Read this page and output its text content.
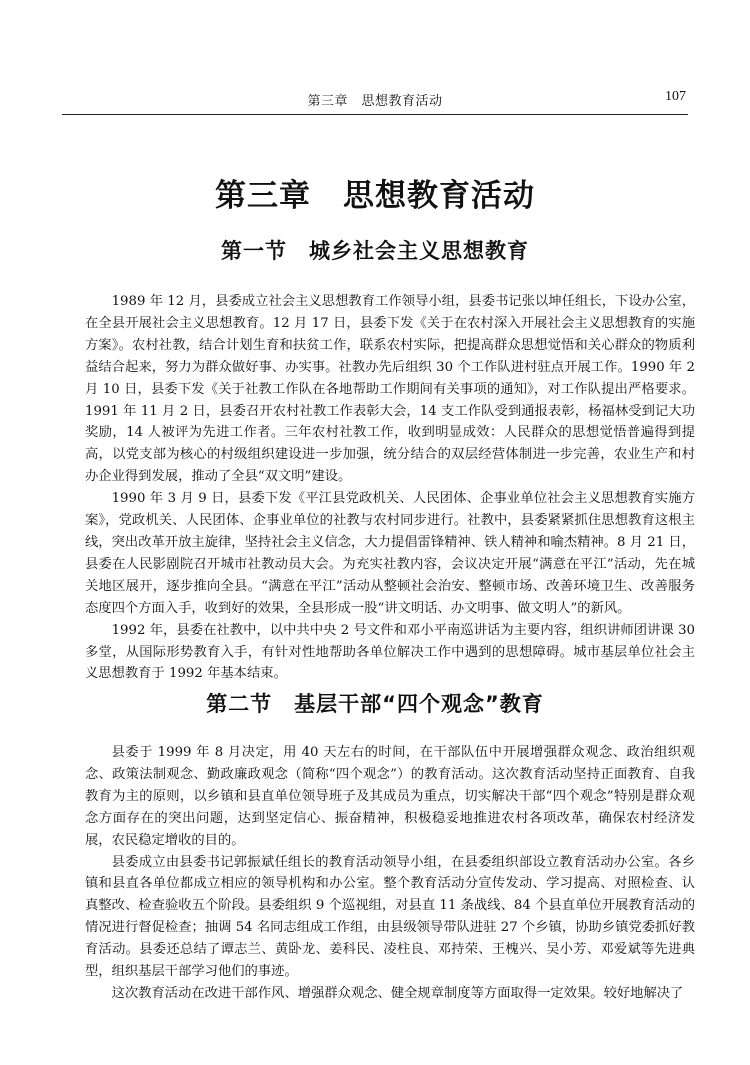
第三章　思想教育活动	107
第三章　思想教育活动
第一节　城乡社会主义思想教育

1989 年 12 月，县委成立社会主义思想教育工作领导小组，县委书记张以坤任组长，下设办公室，在全县开展社会主义思想教育。12 月 17 日，县委下发《关于在农村深入开展社会主义思想教育的实施方案》。农村社教，结合计划生育和扶贫工作，联系农村实际，把提高群众思想觉悟和关心群众的物质利益结合起来，努力为群众做好事、办实事。社教办先后组织 30 个工作队进村驻点开展工作。1990 年 2 月 10 日，县委下发《关于社教工作队在各地帮助工作期间有关事项的通知》，对工作队提出严格要求。1991 年 11 月 2 日，县委召开农村社教工作表彰大会，14 支工作队受到通报表彰，杨福林受到记大功奖励，14 人被评为先进工作者。三年农村社教工作，收到明显成效：人民群众的思想觉悟普遍得到提高，以党支部为核心的村级组织建设进一步加强，统分结合的双层经营体制进一步完善，农业生产和村办企业得到发展，推动了全县“双文明”建设。

1990 年 3 月 9 日，县委下发《平江县党政机关、人民团体、企事业单位社会主义思想教育实施方案》，党政机关、人民团体、企事业单位的社教与农村同步进行。社教中，县委紧紧抓住思想教育这根主线，突出改革开放主旋律，坚持社会主义信念，大力提倡雷锋精神、铁人精神和喻杰精神。8 月 21 日，县委在人民影剧院召开城市社教动员大会。为充实社教内容，会议决定开展“满意在平江”活动，先在城关地区展开，逐步推向全县。“满意在平江”活动从整顿社会治安、整顿市场、改善环境卫生、改善服务态度四个方面入手，收到好的效果，全县形成一股“讲文明话、办文明事、做文明人”的新风。

1992 年，县委在社教中，以中共中央 2 号文件和邓小平南巡讲话为主要内容，组织讲师团讲课 30 多堂，从国际形势教育入手，有针对性地帮助各单位解决工作中遇到的思想障碍。城市基层单位社会主义思想教育于 1992 年基本结束。

第二节　基层干部“四个观念”教育

县委于 1999 年 8 月决定，用 40 天左右的时间，在干部队伍中开展增强群众观念、政治组织观念、政策法制观念、勤政廉政观念（简称“四个观念”）的教育活动。这次教育活动坚持正面教育、自我教育为主的原则，以乡镇和县直单位领导班子及其成员为重点，切实解决干部“四个观念”特别是群众观念方面存在的突出问题，达到坚定信心、振奋精神，积极稳妥地推进农村各项改革，确保农村经济发展，农民稳定增收的目的。

县委成立由县委书记郭振斌任组长的教育活动领导小组，在县委组织部设立教育活动办公室。各乡镇和县直各单位都成立相应的领导机构和办公室。整个教育活动分宣传发动、学习提高、对照检查、认真整改、检查验收五个阶段。县委组织 9 个巡视组，对县直 11 条战线、84 个县直单位开展教育活动的情况进行督促检查；抽调 54 名同志组成工作组，由县级领导带队进驻 27 个乡镇，协助乡镇党委抓好教育活动。县委还总结了谭志兰、黄卧龙、姜科民、凌柱良、邓持荣、王槐兴、吴小芳、邓爱斌等先进典型，组织基层干部学习他们的事迹。

这次教育活动在改进干部作风、增强群众观念、健全规章制度等方面取得一定效果。较好地解决了
